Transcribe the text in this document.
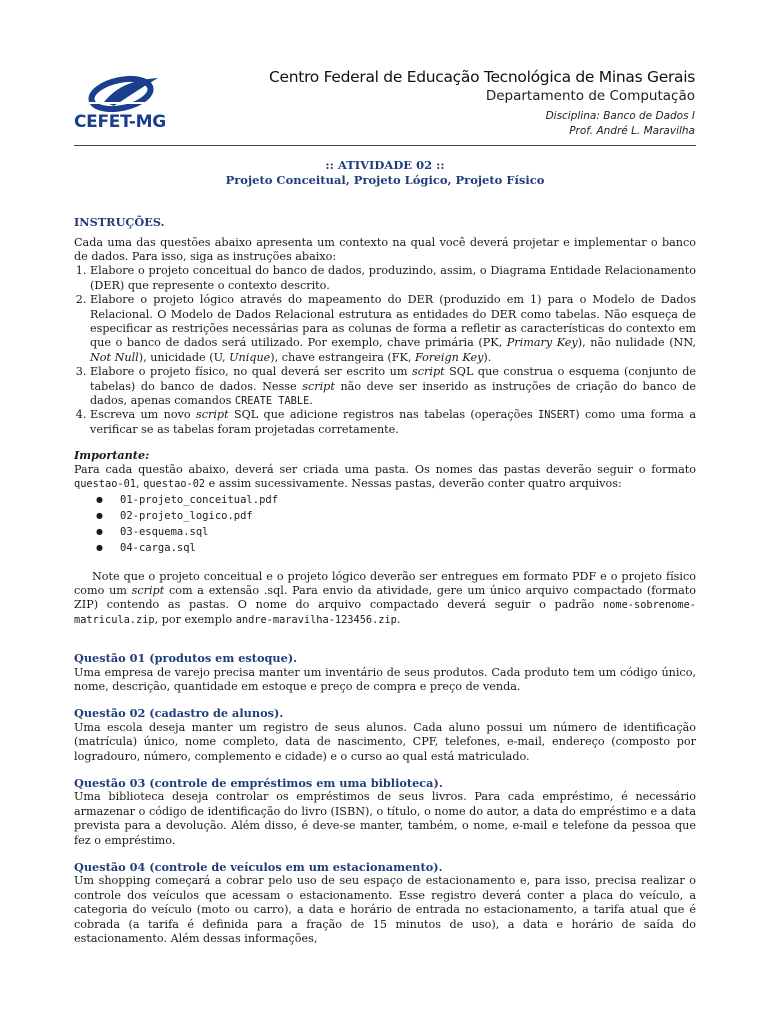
CEFET-MG
Centro Federal de Educação Tecnológica de Minas Gerais
Departamento de Computação
Disciplina: Banco de Dados I
Prof. André L. Maravilha
:: ATIVIDADE 02 ::
Projeto Conceitual, Projeto Lógico, Projeto Físico
INSTRUÇÕES.

Cada uma das questões abaixo apresenta um contexto na qual você deverá projetar e implementar o banco de dados. Para isso, siga as instruções abaixo:

1. Elabore o projeto conceitual do banco de dados, produzindo, assim, o Diagrama Entidade Relacionamento (DER) que represente o contexto descrito.
2. Elabore o projeto lógico através do mapeamento do DER (produzido em 1) para o Modelo de Dados Relacional. O Modelo de Dados Relacional estrutura as entidades do DER como tabelas. Não esqueça de especificar as restrições necessárias para as colunas de forma a refletir as características do contexto em que o banco de dados será utilizado. Por exemplo, chave primária (PK, Primary Key), não nulidade (NN, Not Null), unicidade (U, Unique), chave estrangeira (FK, Foreign Key).
3. Elabore o projeto físico, no qual deverá ser escrito um script SQL que construa o esquema (conjunto de tabelas) do banco de dados. Nesse script não deve ser inserido as instruções de criação do banco de dados, apenas comandos CREATE TABLE.
4. Escreva um novo script SQL que adicione registros nas tabelas (operações INSERT) como uma forma a verificar se as tabelas foram projetadas corretamente.
Importante:

Para cada questão abaixo, deverá ser criada uma pasta. Os nomes das pastas deverão seguir o formato questao-01, questao-02 e assim sucessivamente. Nessas pastas, deverão conter quatro arquivos:

● 01-projeto_conceitual.pdf
● 02-projeto_logico.pdf
● 03-esquema.sql
● 04-carga.sql

Note que o projeto conceitual e o projeto lógico deverão ser entregues em formato PDF e o projeto físico como um script com a extensão .sql. Para envio da atividade, gere um único arquivo compactado (formato ZIP) contendo as pastas. O nome do arquivo compactado deverá seguir o padrão nome-sobrenome-matricula.zip, por exemplo andre-maravilha-123456.zip.

Questão 01 (produtos em estoque).

Uma empresa de varejo precisa manter um inventário de seus produtos. Cada produto tem um código único, nome, descrição, quantidade em estoque e preço de compra e preço de venda.

Questão 02 (cadastro de alunos).

Uma escola deseja manter um registro de seus alunos. Cada aluno possui um número de identificação (matrícula) único, nome completo, data de nascimento, CPF, telefones, e-mail, endereço (composto por logradouro, número, complemento e cidade) e o curso ao qual está matriculado.

Questão 03 (controle de empréstimos em uma biblioteca).

Uma biblioteca deseja controlar os empréstimos de seus livros. Para cada empréstimo, é necessário armazenar o código de identificação do livro (ISBN), o título, o nome do autor, a data do empréstimo e a data prevista para a devolução. Além disso, é deve-se manter, também, o nome, e-mail e telefone da pessoa que fez o empréstimo.

Questão 04 (controle de veículos em um estacionamento).

Um shopping começará a cobrar pelo uso de seu espaço de estacionamento e, para isso, precisa realizar o controle dos veículos que acessam o estacionamento. Esse registro deverá conter a placa do veículo, a categoria do veículo (moto ou carro), a data e horário de entrada no estacionamento, a tarifa atual que é cobrada (a tarifa é definida para a fração de 15 minutos de uso), a data e horário de saída do estacionamento. Além dessas informações,
